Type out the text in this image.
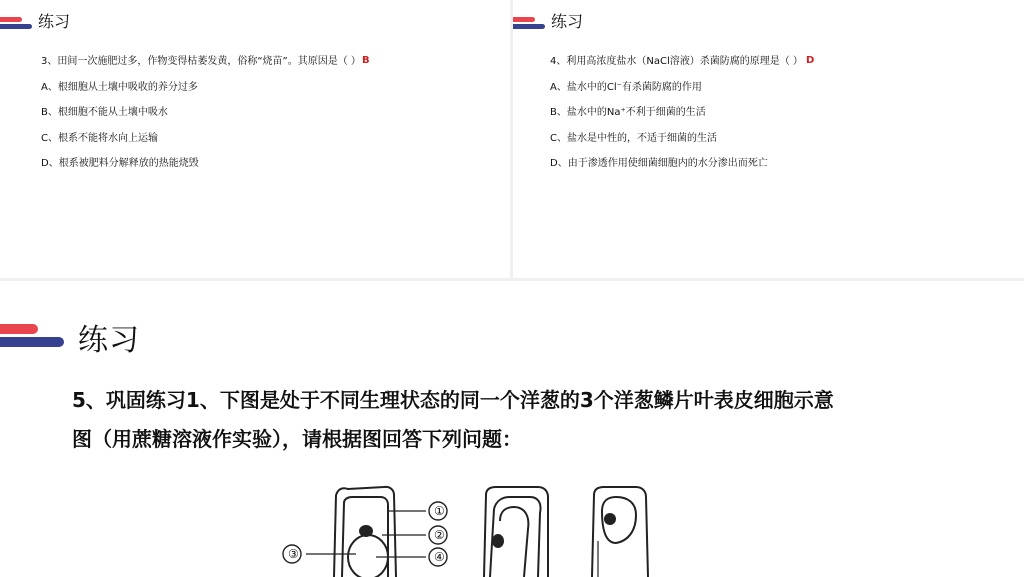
练习
3、田间一次施肥过多，作物变得枯萎发黄，俗称“烧苗”。其原因是（ ）
A、根细胞从土壤中吸收的养分过多
B、根细胞不能从土壤中吸水
C、根系不能将水向上运输
D、根系被肥料分解释放的热能烧毁
B
练习
4、利用高浓度盐水（NaCl溶液）杀菌防腐的原理是（ ）
A、盐水中的Cl⁻有杀菌防腐的作用
B、盐水中的Na⁺不利于细菌的生活
C、盐水是中性的，不适于细菌的生活
D、由于渗透作用使细菌细胞内的水分渗出而死亡
D
练习
5、巩固练习1、下图是处于不同生理状态的同一个洋葱的3个洋葱鳞片叶表皮细胞示意
图（用蔗糖溶液作实验），请根据图回答下列问题：
①
②
③	④
